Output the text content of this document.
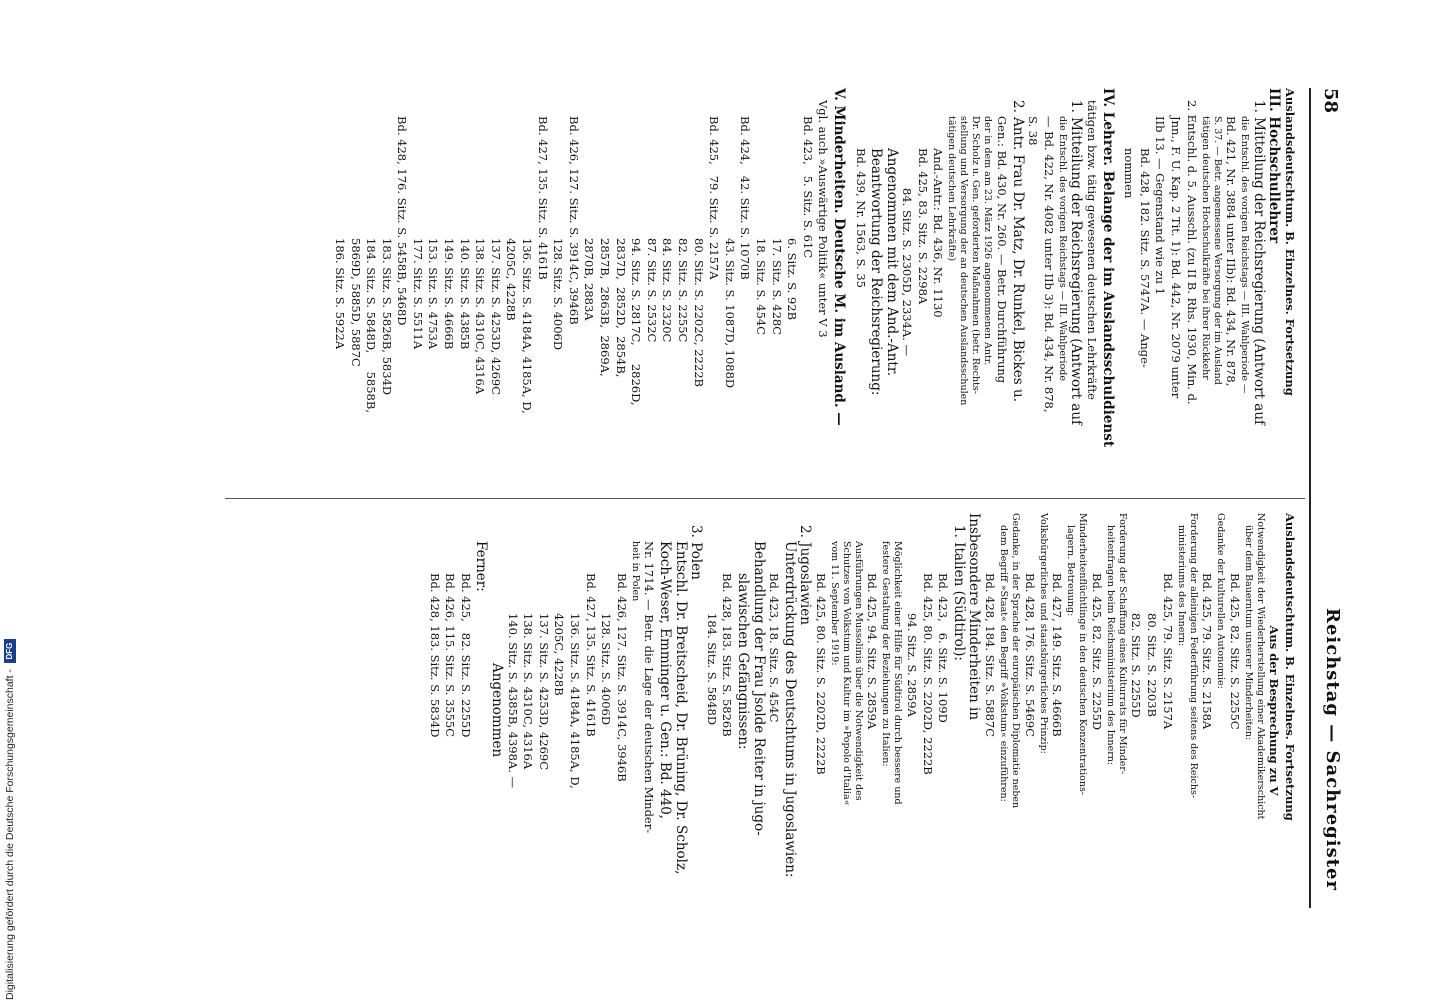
58
Reichstag — Sachregister
Auslandsdeutschtum. B. Einzelnes. Fortsetzung
III. Hochschullehrer
1. Mitteilung der Reichsregierung (Antwort auf
die Entschl. des vorigen Reichstags — III. Wahlperiode —
Bd. 421, Nr. 3884 unter IIb): Bd. 434, Nr. 878,
S. 37. — Betr. angemessene Versorgung der im Ausland
tätigen deutschen Hochschulkräfte bei ihrer Rückkehr
2. Entschl. d. 5. Ausschl. (zu II B. Rhs. 1930, Min. d.
Jnn., F. U. Kap. 2 Tit. 1): Bd. 442, Nr. 2079 unter
IIb 13. — Gegenstand wie zu 1
Bd. 428, 182. Sitz. S. 5747A. — Ange-
nommen
IV. Lehrer. Belange der im Auslandsschuldienst
tätigen bzw. tätig gewesenen deutschen Lehrkräfte
1. Mitteilung der Reichsregierung (Antwort auf
die Entschl. des vorigen Reichstags — III. Wahlperiode
— Bd. 422, Nr. 4082 unter IIb 3): Bd. 434, Nr. 878,
S. 38
2. Antr. Frau Dr. Matz, Dr. Runkel, Bickes u.
Gen.: Bd. 430, Nr. 260. — Betr. Durchführung
der in dem am 23. März 1926 angenommenen Antr.
Dr. Scholz u. Gen. geforderten Maßnahmen (betr. Rechts-
stellung und Versorgung der an deutschen Auslandsschulen
tätigen deutschen Lehrkräfte)
And.-Antr.: Bd. 436, Nr. 1130
Bd. 425, 83. Sitz. S. 2298A
84. Sitz. S. 2305D, 2334A. —
Angenommen mit dem And.-Antr.
Beantwortung der Reichsregierung:
Bd. 439, Nr. 1563, S. 35
V. Minderheiten. Deutsche M. im Ausland. —
Vgl. auch »Auswärtige Politik« unter V 3
Bd. 423,   5. Sitz. S. 61C
6. Sitz. S. 92B
17. Sitz. S. 428C
18. Sitz. S. 454C
Bd. 424,   42. Sitz. S. 1070B
43. Sitz. S. 1087D, 1088D
Bd. 425,   79. Sitz. S. 2157A
80. Sitz. S. 2202C, 2222B
82. Sitz. S. 2255C
84. Sitz. S. 2320C
87. Sitz. S. 2532C
94. Sitz. S. 2817C,     2826D,
2837D,  2852D,  2854B,
2857B,  2863B,  2869A,
2870B, 2883A
Bd. 426, 127. Sitz. S. 3914C, 3946B
128. Sitz. S. 4006D
Bd. 427, 135. Sitz. S. 4161B
136. Sitz. S. 4184A, 4185A, D,
4205C, 4228B
137. Sitz. S. 4253D, 4269C
138. Sitz. S. 4310C, 4316A
140. Sitz. S. 4385B
149. Sitz. S. 4666B
153. Sitz. S. 4753A
177. Sitz. S. 5511A
Bd. 428, 176. Sitz. S. 5458B, 5468D
183. Sitz. S. 5826B, 5834D
184. Sitz. S. 5848D,     5858B,
5869D, 5885D, 5887C
186. Sitz. S. 5922A
Auslandsdeutschtum. B. Einzelnes. Fortsetzung
Aus der Besprechung zu V
Notwendigkeit der Wiederherstellung einer Akademikerschicht
über dem Bauerntum unserer Minderheiten:
Bd. 425, 82. Sitz. S. 2255C
Gedanke der kulturellen Autonomie:
Bd. 425, 79. Sitz. S. 2158A
Forderung der alleinigen Federführung seitens des Reichs-
ministeriums des Innern:
Bd. 425, 79. Sitz. S. 2157A
80. Sitz. S. 2203B
82. Sitz. S. 2255D
Forderung der Schaffung eines Kulturrats für Minder-
heitenfragen beim Reichsministerium des Innern:
Bd. 425, 82. Sitz. S. 2255D
Minderheitenflüchtlinge in den deutschen Konzentrations-
lagern. Betreuung:
Bd. 427, 149. Sitz. S. 4666B
Volksbürgerliches und staatsbürgerliches Prinzip:
Bd. 428, 176. Sitz. S. 5469C
Gedanke, in der Sprache der europäischen Diplomatie neben
dem Begriff »Staat« den Begriff »Volkstum« einzuführen:
Bd. 428, 184. Sitz. S. 5887C
Insbesondere Minderheiten in
1. Italien (Südtirol):
Bd. 423,   6. Sitz. S. 109D
Bd. 425, 80. Sitz. S. 2202D, 2222B
94. Sitz. S. 2859A
Möglichkeit einer Hilfe für Südtirol durch bessere und
festere Gestaltung der Beziehungen zu Italien:
Bd. 425, 94. Sitz. S. 2859A
Ausführungen Mussolinis über die Notwendigkeit des
Schutzes von Volkstum und Kultur im »Popolo d'Italia«
vom 11. September 1919:
Bd. 425, 80. Sitz. S. 2202D, 2222B
2. Jugoslawien
Unterdrückung des Deutschtums in Jugoslawien:
Bd. 423, 18. Sitz. S. 454C
Behandlung der Frau Jsolde Reiter in jugo-
slawischen Gefängnissen:
Bd. 428, 183. Sitz. S. 5826B
184. Sitz. S. 5848D
3. Polen
Entschl. Dr. Breitscheid, Dr. Brüning, Dr. Scholz,
Koch-Weser, Emminger u. Gen.: Bd. 440,
Nr. 1714. — Betr. die Lage der deutschen Minder-
heit in Polen
Bd. 426, 127. Sitz. S. 3914C, 3946B
128. Sitz. S. 4006D
Bd. 427, 135. Sitz. S. 4161B
136. Sitz. S. 4184A, 4185A, D,
4205C, 4228B
137. Sitz. S. 4253D, 4269C
138. Sitz. S. 4310C, 4316A
140. Sitz. S. 4385B, 4398A. —
Angenommen
Ferner:
Bd. 425,   82. Sitz. S. 2255D
Bd. 426, 115. Sitz. S. 3555C
Bd. 428, 183. Sitz. S. 5834D
Digitalisierung gefördert durch die Deutsche Forschungsgemeinschaft -
DFG
